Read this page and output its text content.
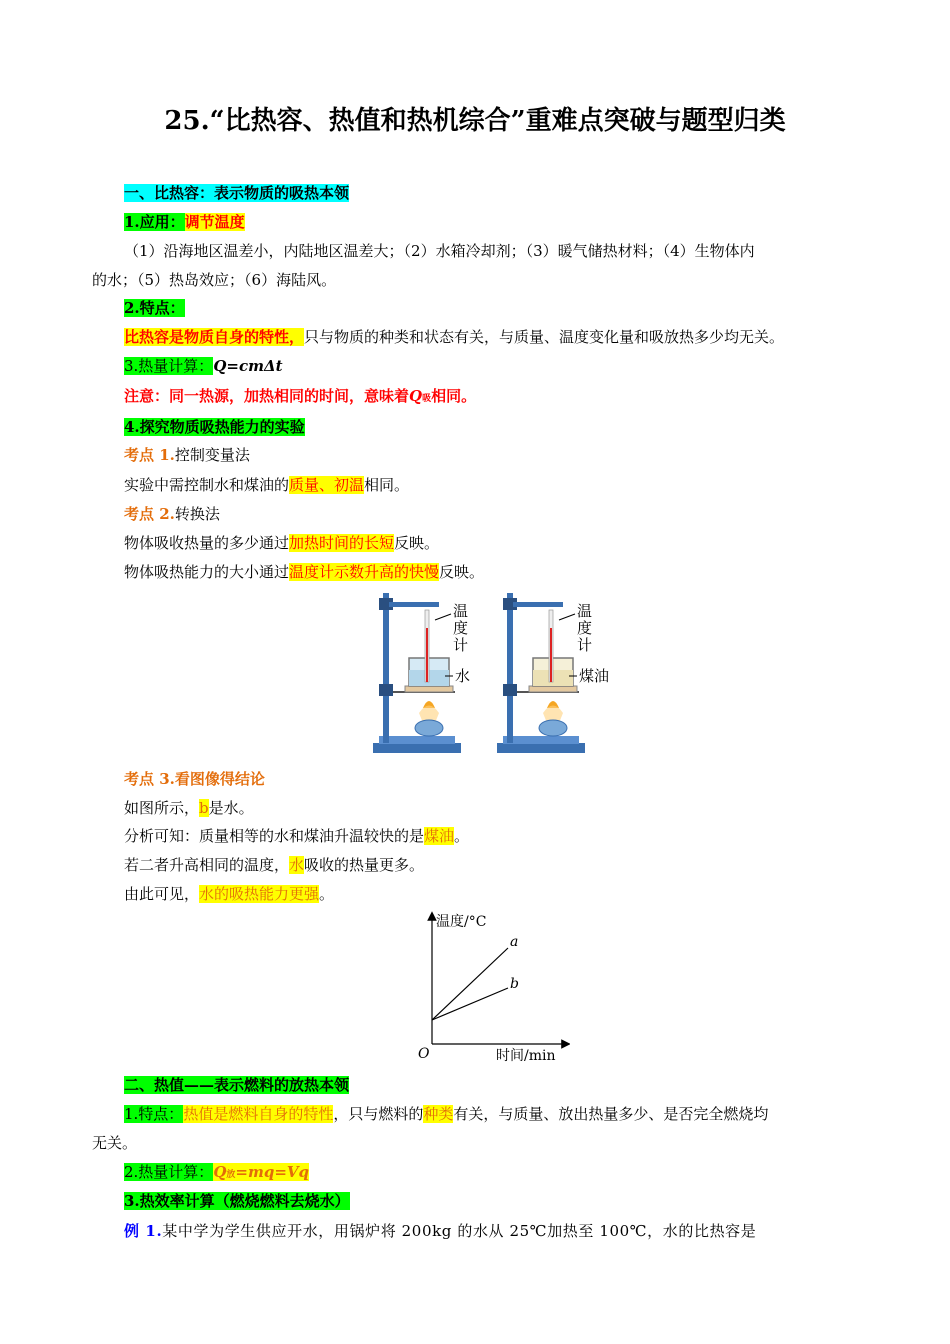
25.“比热容、热值和热机综合”重难点突破与题型归类
一、比热容：表示物质的吸热本领
1.应用：调节温度
（1）沿海地区温差小，内陆地区温差大；（2）水箱冷却剂；（3）暖气储热材料；（4）生物体内
的水；（5）热岛效应；（6）海陆风。
2.特点：
比热容是物质自身的特性，只与物质的种类和状态有关，与质量、温度变化量和吸放热多少均无关。
3.热量计算：Q=cmΔt
注意：同一热源，加热相同的时间，意味着Q吸相同。
4.探究物质吸热能力的实验
考点 1.控制变量法
实验中需控制水和煤油的质量、初温相同。
考点 2.转换法
物体吸收热量的多少通过加热时间的长短反映。
物体吸热能力的大小通过温度计示数升高的快慢反映。
温
度
计
水
温
度
计
煤油
考点 3.看图像得结论
如图所示，b是水。
分析可知：质量相等的水和煤油升温较快的是煤油。
若二者升高相同的温度，水吸收的热量更多。
由此可见，水的吸热能力更强。
温度/°C
时间/min
O
a
b
二、热值——表示燃料的放热本领
1.特点：热值是燃料自身的特性，只与燃料的种类有关，与质量、放出热量多少、是否完全燃烧均
无关。
2.热量计算：Q放=mq=Vq
3.热效率计算（燃烧燃料去烧水）
例 1.某中学为学生供应开水，用锅炉将 200kg 的水从 25℃加热至 100℃，水的比热容是
